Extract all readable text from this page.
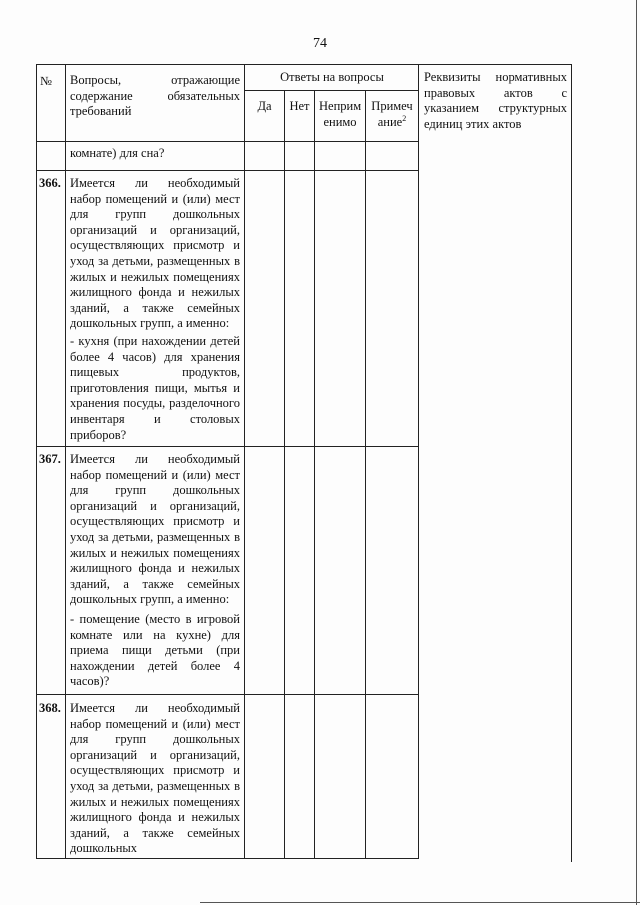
74
№	Вопросы, отражающие содержание обязательных требований
Ответы на вопросы
Да	Нет Неприм енимо
Примеч ание$^2$
Реквизиты нормативных правовых актов с указанием структурных единиц этих актов
комнате) для сна?
366. Имеется ли необходимый набор помещений и (или) мест для групп дошкольных организаций и организаций, осуществляющих присмотр и уход за детьми, размещенных в жилых и нежилых помещениях жилищного фонда и нежилых зданий, а также семейных дошкольных групп, а именно:
- кухня (при нахождении детей более 4 часов) для хранения пищевых продуктов, приготовления пищи, мытья и хранения посуды, разделочного инвентаря и столовых приборов?
367. Имеется ли необходимый набор помещений и (или) мест для групп дошкольных организаций и организаций, осуществляющих присмотр и уход за детьми, размещенных в жилых и нежилых помещениях жилищного фонда и нежилых зданий, а также семейных дошкольных групп, а именно:
- помещение (место в игровой комнате или на кухне) для приема пищи детьми (при нахождении детей более 4 часов)?
368. Имеется ли необходимый набор помещений и (или) мест для групп дошкольных организаций и организаций, осуществляющих присмотр и уход за детьми, размещенных в жилых и нежилых помещениях жилищного фонда и нежилых зданий, а также семейных дошкольных
